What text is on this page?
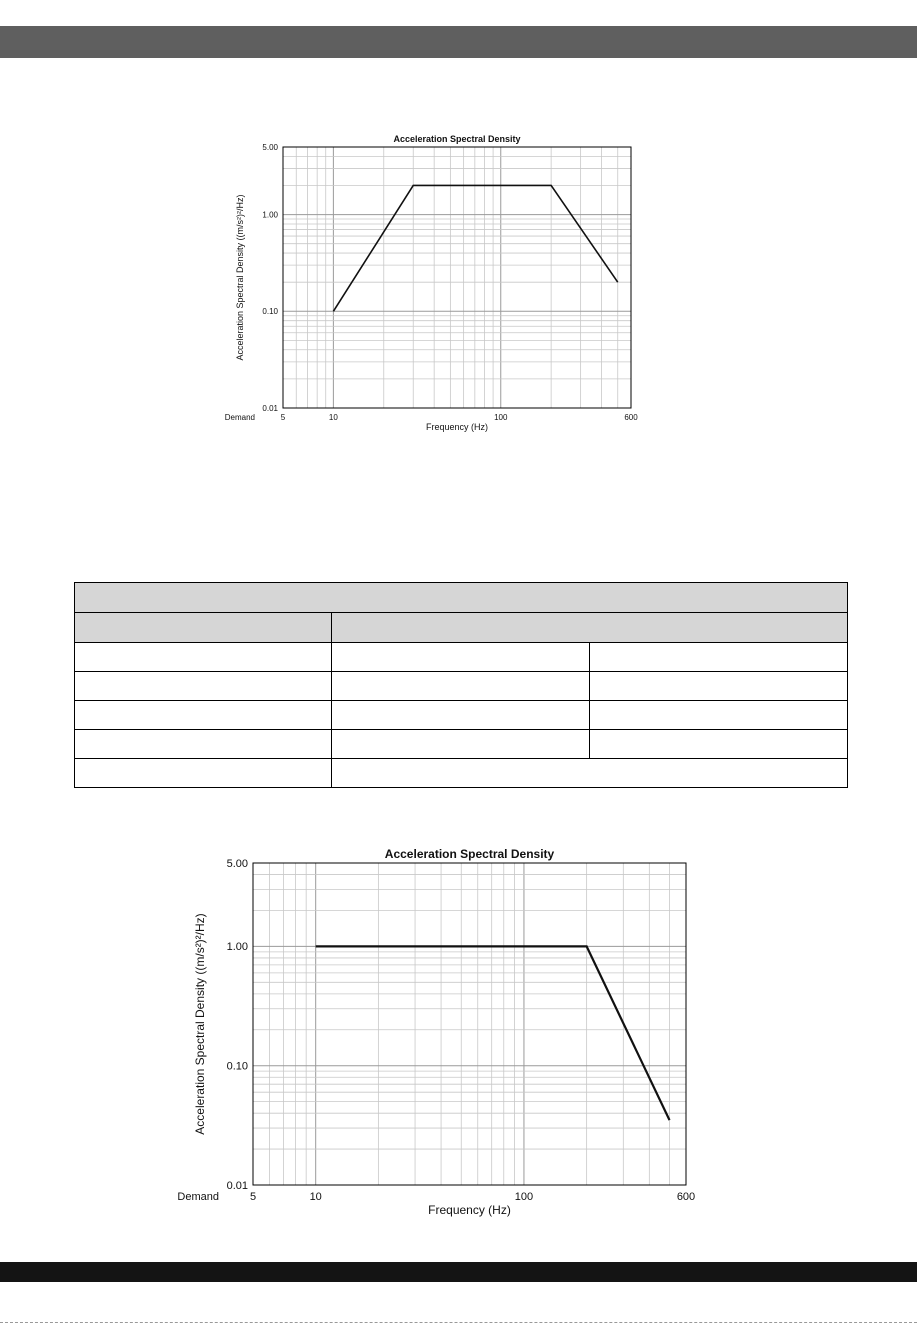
Acceleration Spectral Density
5	10	100	600
Demand
0.01
0.10
1.00
5.00
Frequency (Hz)
Acceleration Spectral Density ((m/s²)²/Hz)

Acceleration Spectral Density
5	10	100	600
Demand
0.01
0.10
1.00
5.00
Frequency (Hz)
Acceleration Spectral Density ((m/s²)²/Hz)
